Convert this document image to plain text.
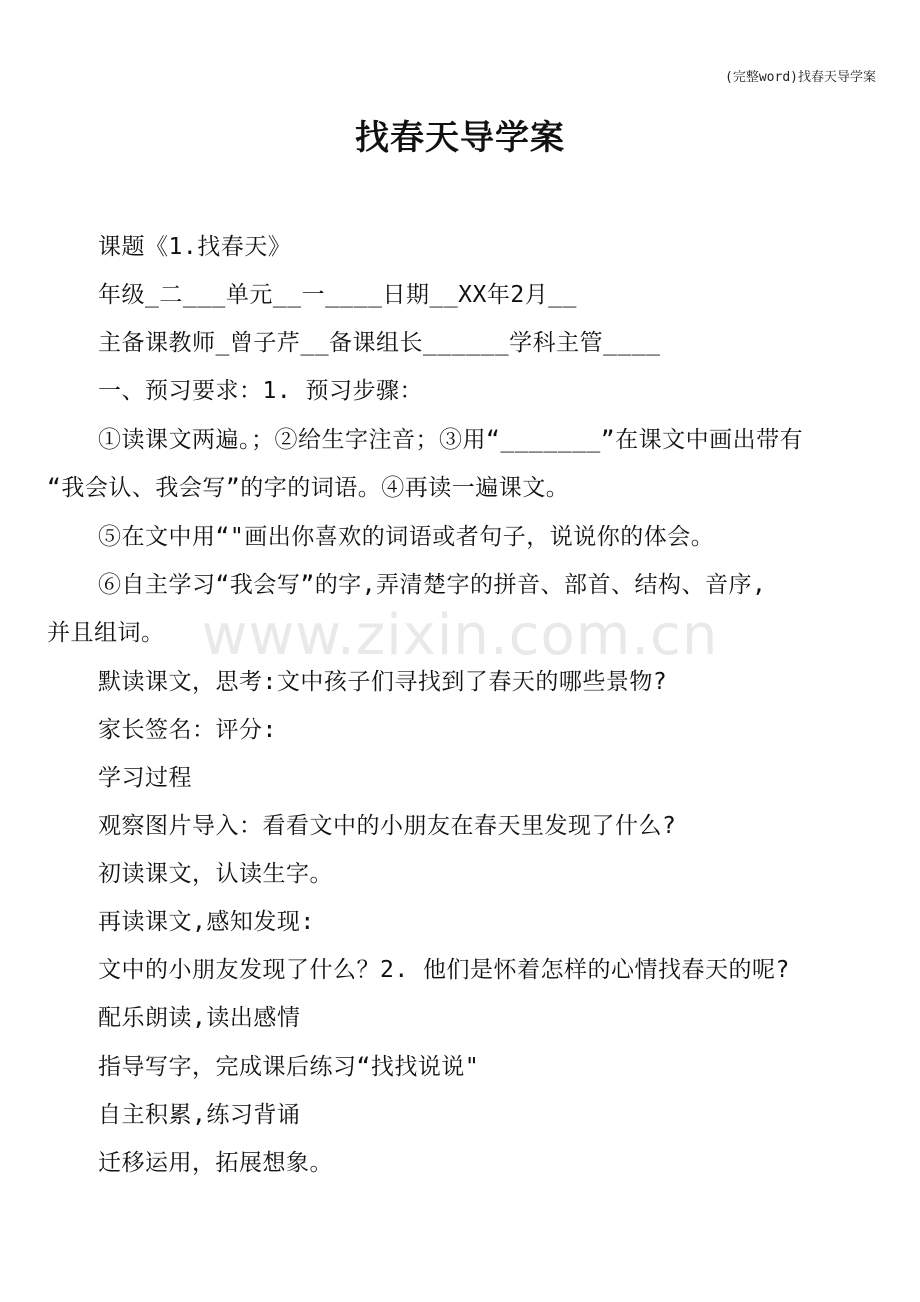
(完整word)找春天导学案
找春天导学案
课题《1.找春天》
年级_二___单元__一____日期__XX年2月__
主备课教师_曾子芹__备课组长______学科主管____
一、预习要求：1. 预习步骤：
①读课文两遍。；②给生字注音；③用“_______”在课文中画出带有
“我会认、我会写”的字的词语。④再读一遍课文。
⑤在文中用“"画出你喜欢的词语或者句子，说说你的体会。
⑥自主学习“我会写”的字,弄清楚字的拼音、部首、结构、音序,
并且组词。
默读课文，思考:文中孩子们寻找到了春天的哪些景物?
家长签名：评分:
学习过程
观察图片导入：看看文中的小朋友在春天里发现了什么?
初读课文，认读生字。
再读课文,感知发现:
文中的小朋友发现了什么？2. 他们是怀着怎样的心情找春天的呢?
配乐朗读,读出感情
指导写字，完成课后练习“找找说说"
自主积累,练习背诵
迁移运用，拓展想象。
www.zixin.com.cn
